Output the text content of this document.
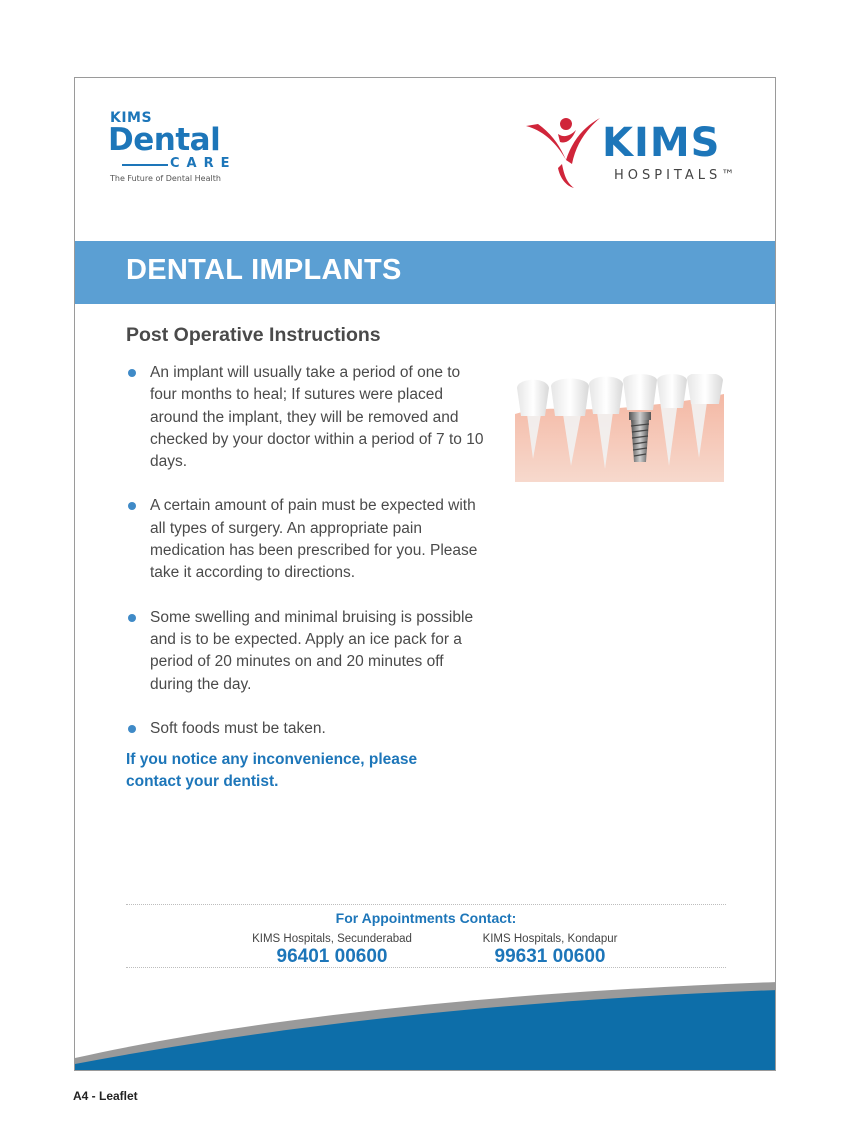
KIMS
Dental
CARE
The Future of Dental Health
KIMS
HOSPITALS™
DENTAL IMPLANTS
Post Operative Instructions
An implant will usually take a period of one to four months to heal; If sutures were placed around the implant, they will be removed and checked by your doctor within a period of 7 to 10 days.
A certain amount of pain must be expected with all types of surgery. An appropriate pain medication has been prescribed for you. Please take it according to directions.
Some swelling and minimal bruising is possible and is to be expected. Apply an ice pack for a period of 20 minutes on and 20 minutes off during the day.
Soft foods must be taken.
If you notice any inconvenience, please contact your dentist.
For Appointments Contact:
KIMS Hospitals, Secunderabad
96401 00600
KIMS Hospitals, Kondapur
99631 00600
A4 - Leaflet
